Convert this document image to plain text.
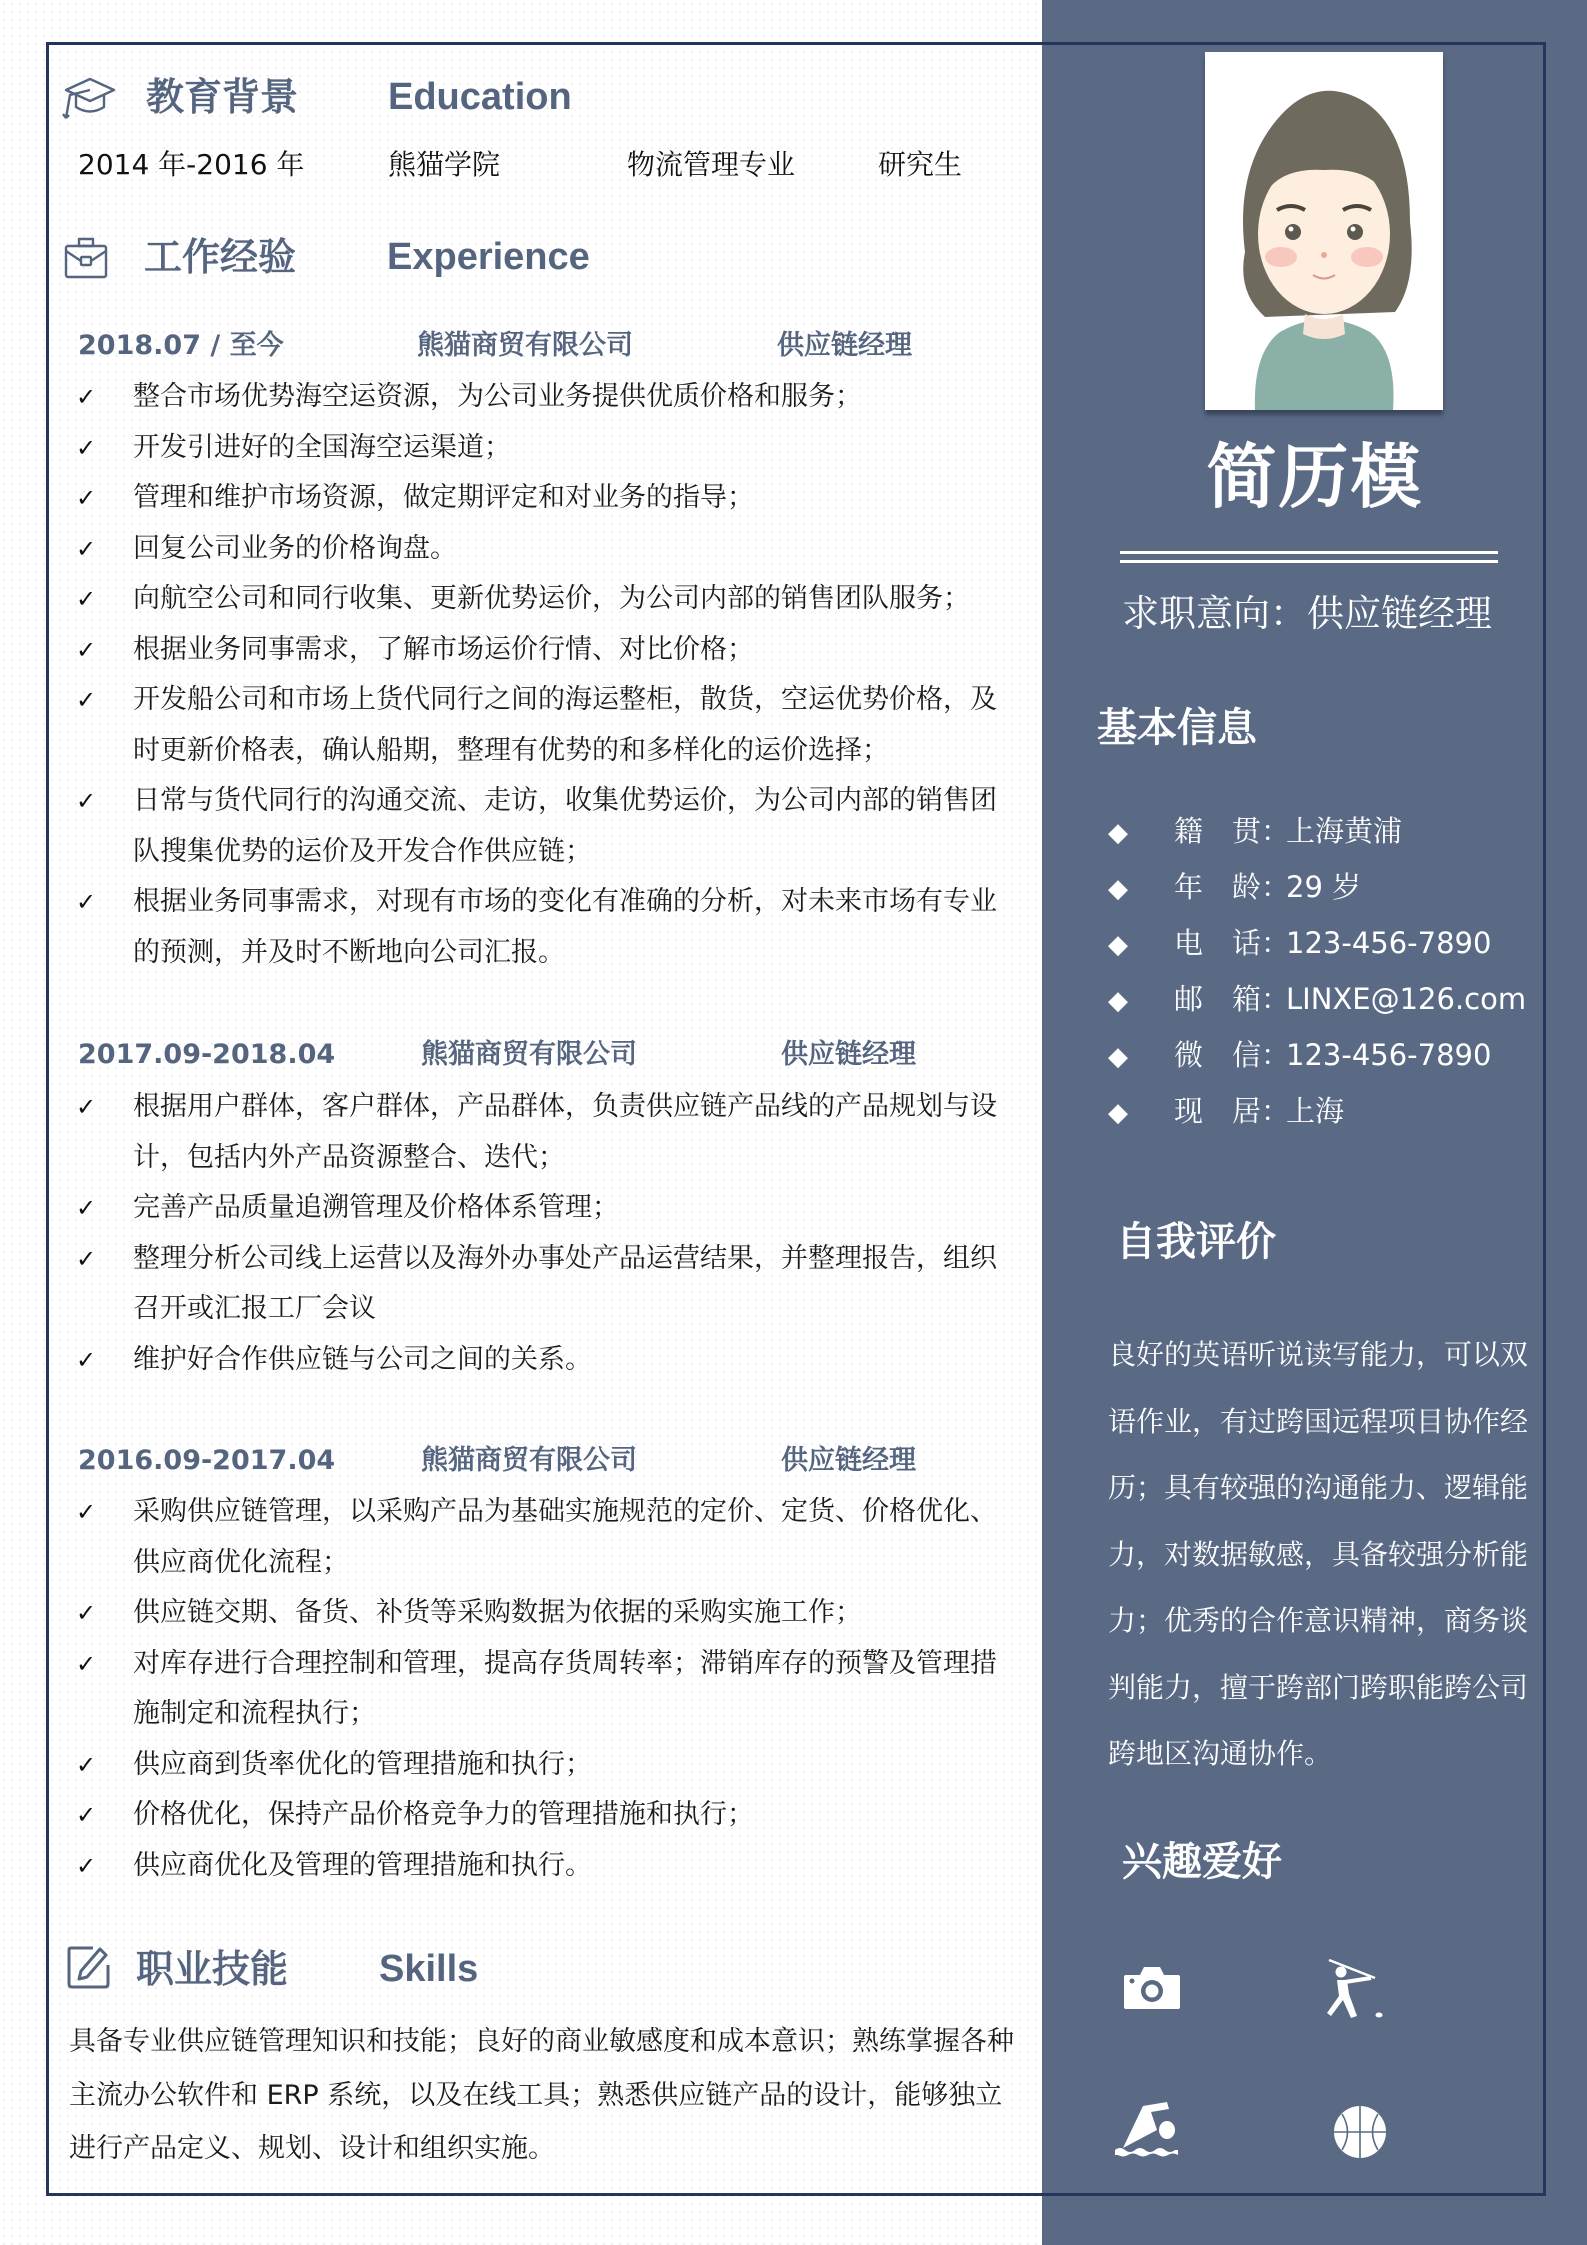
教育背景 Education
2014 年-2016 年	熊猫学院	物流管理专业	研究生
工作经验 Experience
2018.07 / 至今	熊猫商贸有限公司	供应链经理
✓ 整合市场优势海空运资源，为公司业务提供优质价格和服务；
✓ 开发引进好的全国海空运渠道；
✓ 管理和维护市场资源，做定期评定和对业务的指导；
✓ 回复公司业务的价格询盘。
✓ 向航空公司和同行收集、更新优势运价，为公司内部的销售团队服务；
✓ 根据业务同事需求，了解市场运价行情、对比价格；
✓ 开发船公司和市场上货代同行之间的海运整柜，散货，空运优势价格，及时更新价格表，确认船期，整理有优势的和多样化的运价选择；
✓ 日常与货代同行的沟通交流、走访，收集优势运价，为公司内部的销售团队搜集优势的运价及开发合作供应链；
✓ 根据业务同事需求，对现有市场的变化有准确的分析，对未来市场有专业的预测，并及时不断地向公司汇报。
2017.09-2018.04	熊猫商贸有限公司	供应链经理
✓ 根据用户群体，客户群体，产品群体，负责供应链产品线的产品规划与设计，包括内外产品资源整合、迭代；
✓ 完善产品质量追溯管理及价格体系管理；
✓ 整理分析公司线上运营以及海外办事处产品运营结果，并整理报告，组织召开或汇报工厂会议
✓ 维护好合作供应链与公司之间的关系。
2016.09-2017.04	熊猫商贸有限公司	供应链经理
✓ 采购供应链管理，以采购产品为基础实施规范的定价、定货、价格优化、供应商优化流程；
✓ 供应链交期、备货、补货等采购数据为依据的采购实施工作；
✓ 对库存进行合理控制和管理，提高存货周转率；滞销库存的预警及管理措施制定和流程执行；
✓ 供应商到货率优化的管理措施和执行；
✓ 价格优化，保持产品价格竞争力的管理措施和执行；
✓ 供应商优化及管理的管理措施和执行。
职业技能 Skills
具备专业供应链管理知识和技能；良好的商业敏感度和成本意识；熟练掌握各种主流办公软件和 ERP 系统，以及在线工具；熟悉供应链产品的设计，能够独立进行产品定义、规划、设计和组织实施。
简历模
求职意向：供应链经理
基本信息
◆ 籍　贯：上海黄浦
◆ 年　龄：29 岁
◆ 电　话：123-456-7890
◆ 邮　箱：LINXE@126.com
◆ 微　信：123-456-7890
◆ 现　居：上海
自我评价
良好的英语听说读写能力，可以双语作业，有过跨国远程项目协作经历；具有较强的沟通能力、逻辑能力，对数据敏感，具备较强分析能力；优秀的合作意识精神，商务谈判能力，擅于跨部门跨职能跨公司跨地区沟通协作。
兴趣爱好
